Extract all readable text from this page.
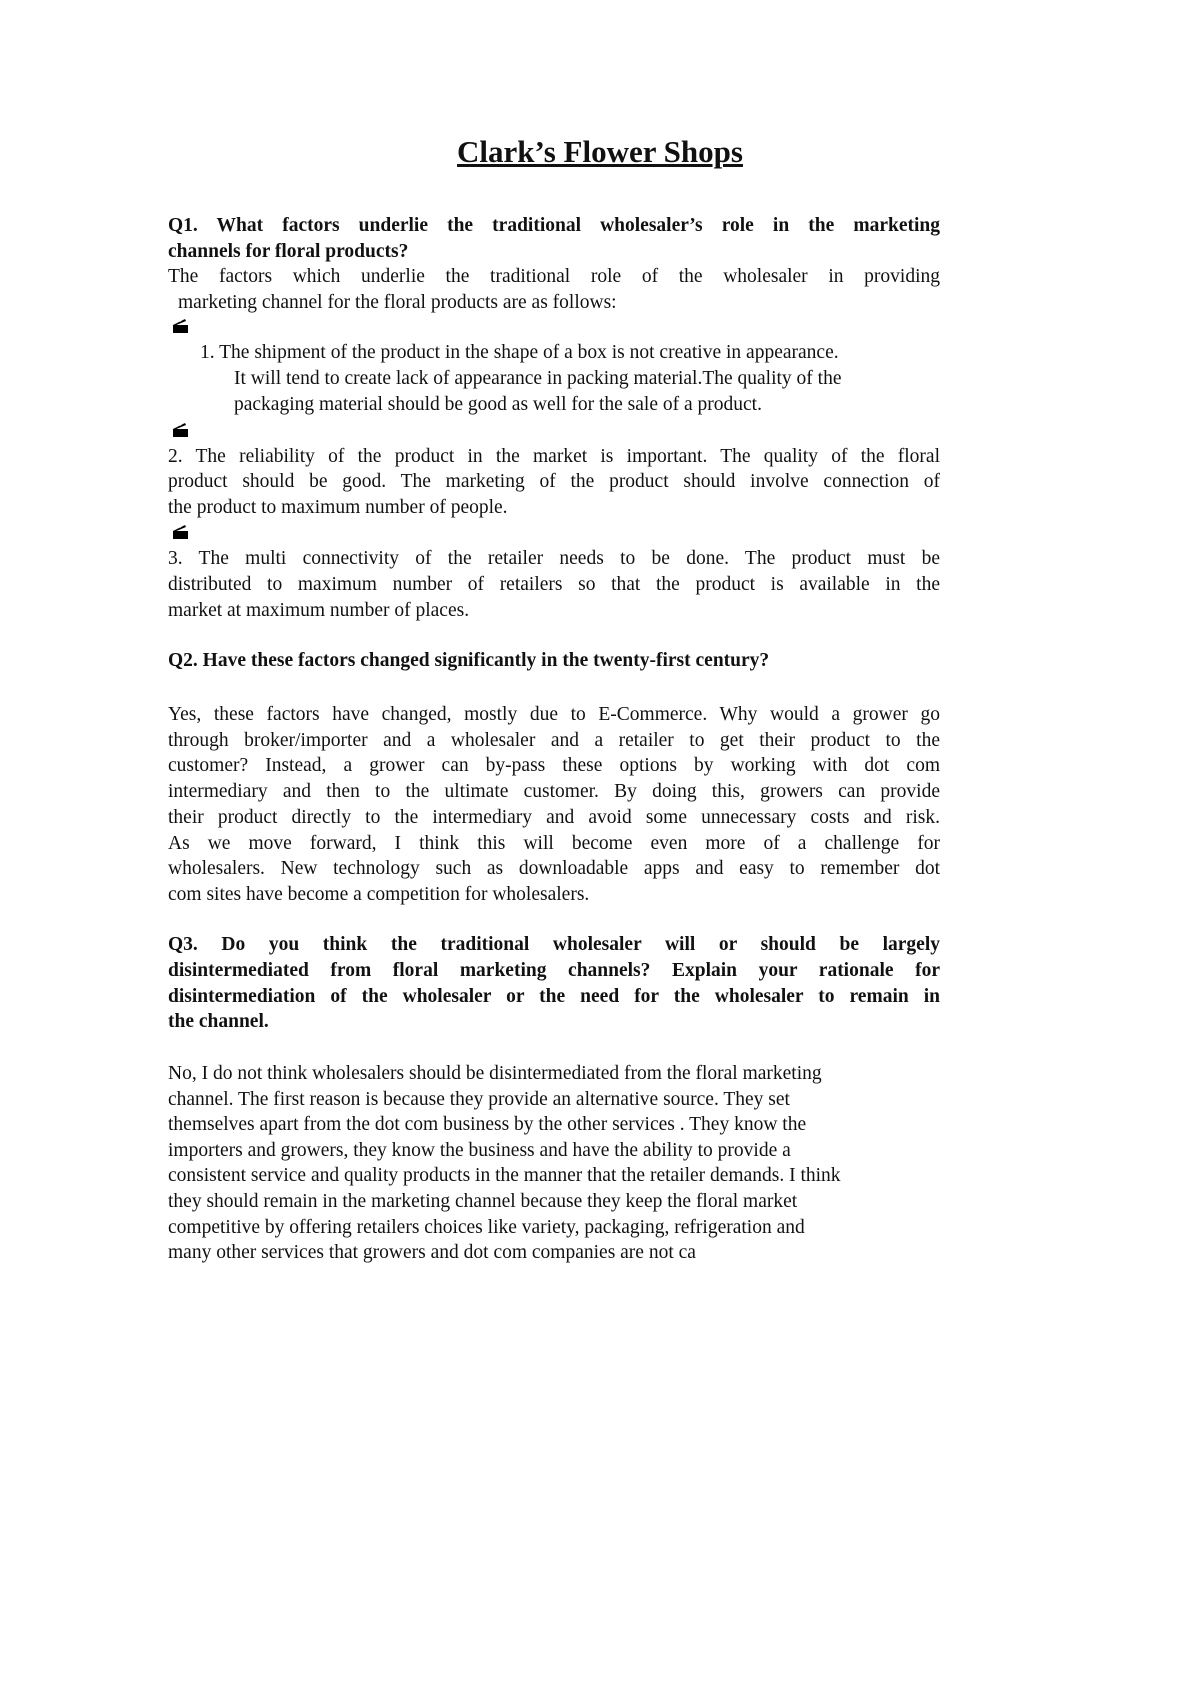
Clark’s Flower Shops
Q1. What factors underlie the traditional wholesaler’s role in the marketing
channels for floral products?
The factors which underlie the traditional role of the wholesaler in providing
marketing channel for the floral products are as follows:
1. The shipment of the product in the shape of a box is not creative in appearance.
It will tend to create lack of appearance in packing material.The quality of the
packaging material should be good as well for the sale of a product.
2. The reliability of the product in the market is important. The quality of the floral
product should be good. The marketing of the product should involve connection of
the product to maximum number of people.
3. The multi connectivity of the retailer needs to be done. The product must be
distributed to maximum number of retailers so that the product is available in the
market at maximum number of places.
Q2. Have these factors changed significantly in the twenty-first century?
Yes, these factors have changed, mostly due to E-Commerce. Why would a grower go
through broker/importer and a wholesaler and a retailer to get their product to the
customer? Instead, a grower can by-pass these options by working with dot com
intermediary and then to the ultimate customer. By doing this, growers can provide
their product directly to the intermediary and avoid some unnecessary costs and risk.
As we move forward, I think this will become even more of a challenge for
wholesalers. New technology such as downloadable apps and easy to remember dot
com sites have become a competition for wholesalers.
Q3. Do you think the traditional wholesaler will or should be largely
disintermediated from floral marketing channels? Explain your rationale for
disintermediation of the wholesaler or the need for the wholesaler to remain in
the channel.
No, I do not think wholesalers should be disintermediated from the floral marketing
channel. The first reason is because they provide an alternative source. They set
themselves apart from the dot com business by the other services . They know the
importers and growers, they know the business and have the ability to provide a
consistent service and quality products in the manner that the retailer demands. I think
they should remain in the marketing channel because they keep the floral market
competitive by offering retailers choices like variety, packaging, refrigeration and
many other services that growers and dot com companies are not ca
